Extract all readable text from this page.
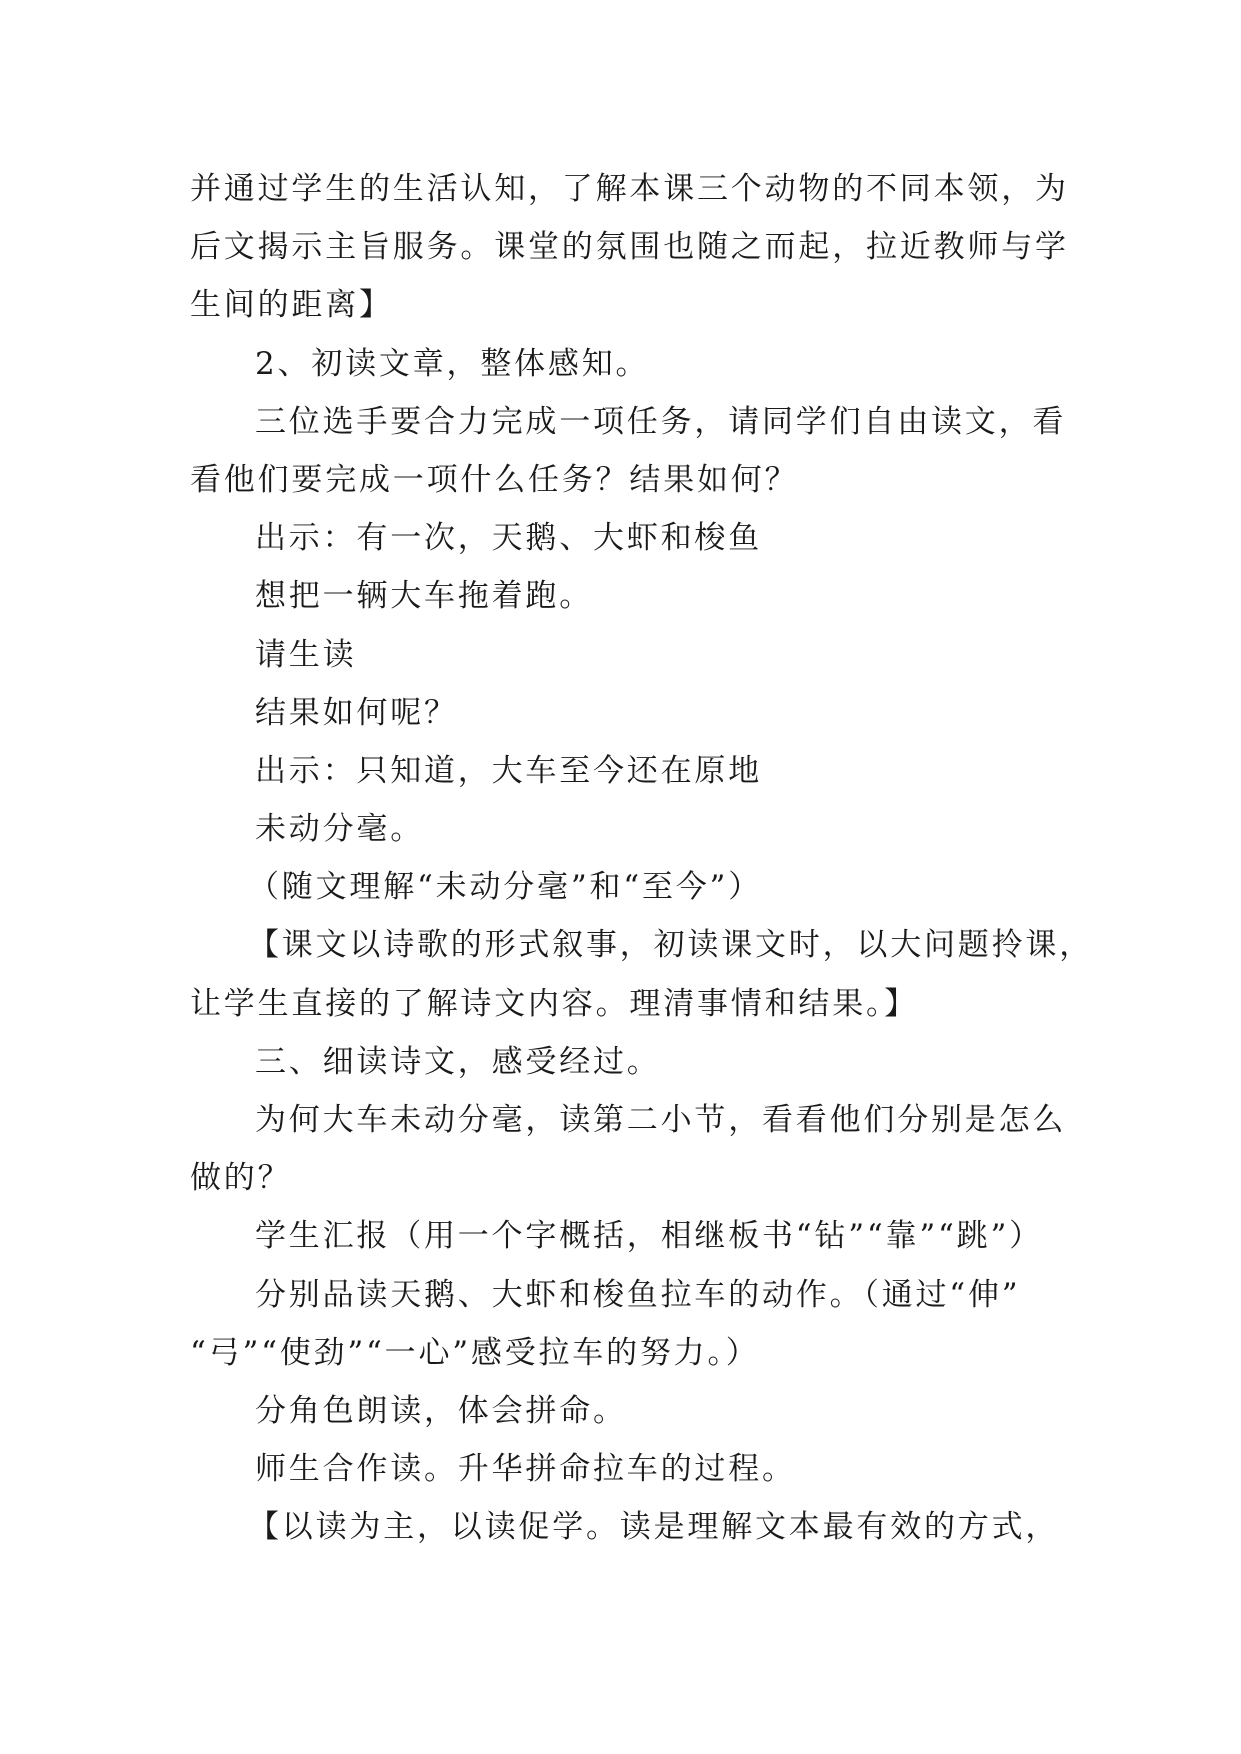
并通过学生的生活认知，了解本课三个动物的不同本领，为
后文揭示主旨服务。课堂的氛围也随之而起，拉近教师与学
生间的距离】
2、初读文章，整体感知。
三位选手要合力完成一项任务，请同学们自由读文，看
看他们要完成一项什么任务？结果如何？
出示：有一次，天鹅、大虾和梭鱼
想把一辆大车拖着跑。
请生读
结果如何呢？
出示：只知道，大车至今还在原地
未动分毫。
（随文理解“未动分毫”和“至今”）
【课文以诗歌的形式叙事，初读课文时，以大问题拎课，
让学生直接的了解诗文内容。理清事情和结果。】
三、细读诗文，感受经过。
为何大车未动分毫，读第二小节，看看他们分别是怎么
做的？
学生汇报（用一个字概括，相继板书“钻”“靠”“跳”）
分别品读天鹅、大虾和梭鱼拉车的动作。（通过“伸”
“弓”“使劲”“一心”感受拉车的努力。）
分角色朗读，体会拼命。
师生合作读。升华拼命拉车的过程。
【以读为主，以读促学。读是理解文本最有效的方式，
